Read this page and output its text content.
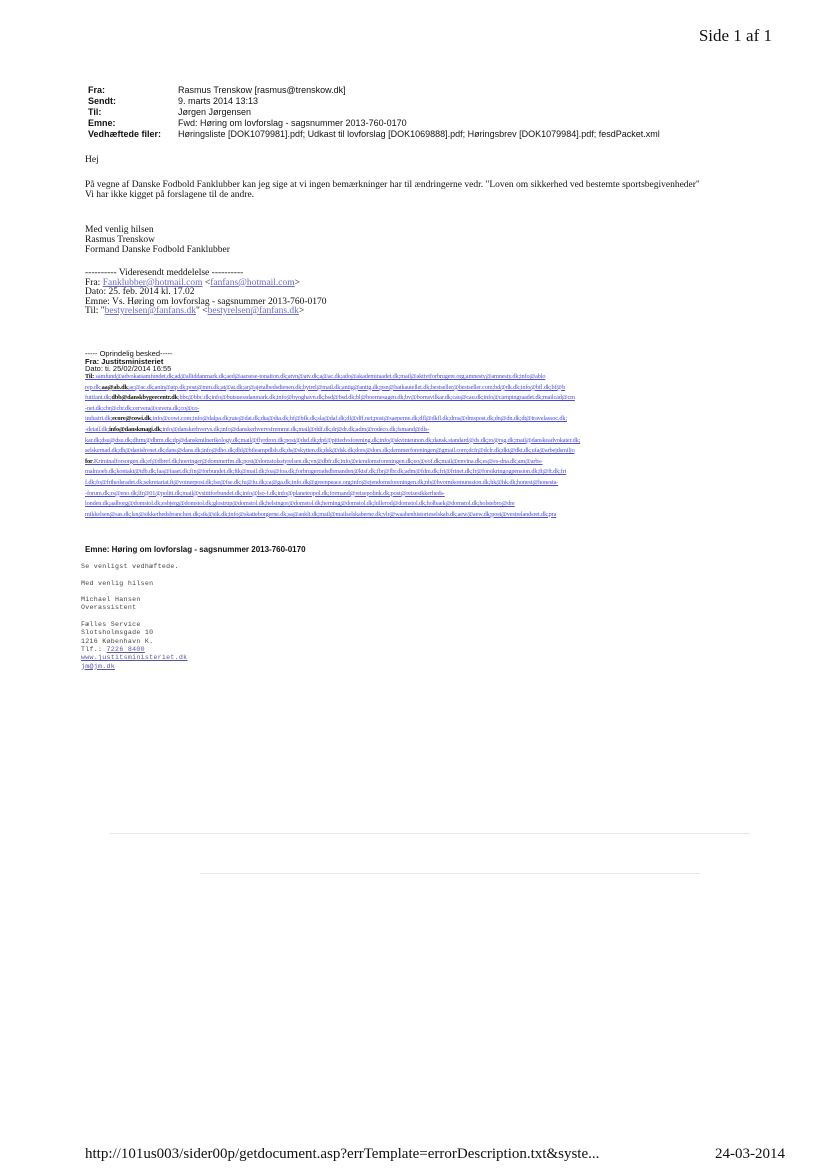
Side 1 af 1
Fra:	Rasmus Trenskow [rasmus@trenskow.dk]
Sendt:	9. marts 2014 13:13
Til:	Jørgen Jørgensen
Emne:	Fwd: Høring om lovforslag - sagsnummer 2013-760-0170
Vedhæftede filer:	Høringsliste [DOK1079981].pdf; Udkast til lovforslag [DOK1069888].pdf; Høringsbrev [DOK1079984].pdf; fesdPacket.xml
Hej
På vegne af Danske Fodbold Fanklubber kan jeg sige at vi ingen bemærkninger har til ændringerne vedr. "Loven om sikkerhed ved bestemte sportsbegivenheder"
Vi har ikke kigget på forslagene til de andre.
Med venlig hilsen
Rasmus Trenskow
Formand Danske Fodbold Fanklubber
---------- Videresendt meddelelse ----------
Fra: Fanklubber@hotmail.com <fanfans@hotmail.com>
Dato: 25. feb. 2014 kl. 17.02
Emne: Vs. Høring om lovforslag - sagsnummer 2013-760-0170
Til: "bestyrelsen@fanfans.dk" <bestyrelsen@fanfans.dk>
----- Oprindelig besked-----
Fra: Justitsministeriet
Dato: ti. 25/02/2014 16:55
Til: samfund@advokatsamfundet.dk;ad@alliddanmark.dk;aed@aarsese-tonation.dk;atvn@atv.dk;a@ac.dk;ado@akademiraadet.dk;mail@aktivtforbrugere.org;amnesty@amnesty.dk;info@ablo
rep.dk;aa@ab.dk;ac@ac.dk;anin@atp.dk;post@mm.dk;at@at.dk;ar@ajetalbedsdienen.dk;bytrel@mail.dk;antig@antig.dk;psn@batkautellet.dk;bestseller@bestseller.com;bd@dk.dk;info@bfl.dk;bf@b
futifant.dk;dbb@danskbygeecentr.dk;bbc@bbc.dk;info@butsuessdanmark.dk;info@byoghavn.dk;bsd@bsd.dk;bl@boernesagen.dk;bv@bornsvilkar.dk;cau@cau.dk;info@campingraadet.dk;mailcad@cm
-net.dk;cbr@cbr.dk;cervera@cevera.dk;co@co-
industri.dk;ecore@cowi.dk;info@cowi.com;info@dalpa.dk;rate@dat.dk;dta@dta.dk;bf@bfk.dk;sla@daf.dk;df@dff.net;post@saeperne.dk;dfl@dkfl.dk;dms@dmspost.dk;dn@dn.dk;dt@travelassoc.dk;
-detail.dk;info@danskmagi.dk;info@danskerhvervs.dk;info@danskerhvervsfremme.dk;mail@ddf.dk;dr@dr.dk;adm@rodeco.dk;fsmand@dls-
kar.dk;dsu@dsu.dk;dhrm@dhrm.dk;dp@danskmilnerikology.dk;mail@flyrdron.dk;post@dsd.dk;dpf@pittedvsforening.dk;info@skvinteunon.dk;dansk.standard@ds.dk;ro@rsg.dk;mail@danskeadvokater.dk;
selskernad.dk;dh@danishvnet.dk;dans@dans.dk;info@dho.dk;dhl@bileampdlsh.dk;ds@skytten.dk;dsk@dsk.dk;dors@dors.dk;demmerforeningen@gmail.com;dcfr@dcfr.dk;dkt@dkt.dk;ufa@arbejdsmiljo
for.Kriminalforsorgen.dk;ef@dbref.dk;hoeringer@dommerfm.dk;post@domstolsstyrelsen.dk;vn@dbfr.dk;info@eiendomsforeningen.dk;eo@eof.dk;mail@envina.dk;es@es-dna.dk;am@arbs-
malmoeb.dk;kontakt@tdb.dk;faa@faaet.dk;fin@forbundet.dk;ftk@mail.dk;foa@foa.dk;forbrugerradsdbmanden@ktsf.dk;fbr@fbr.dk;adm@fdm.dk;fri@frinet.dk;fr@forsikringogpension.dk;ft@ft.dk;fri
f.dk;fo@frihedsradet.dk;sekretariat.ft@voinerpost.dk;fse@fse.dk;fu@fu.dk;ca@ga.dk;info.dk@greenpeace.org;info@ejendomsforeningen.dk;nb@hvormkomunssion.dk;hk@hk.dk;honest@honesta-
-forum.dk;rs@eno.dk;lfr@01@politi.dk;mail@vsititforbundet.dk;info@lso-f.dk;info@planeteopol.dk;formand@reisepolink.dk;post@reisesikkerheds-
londen.dk;aalborg@domstol.dk;esbjerg@domstol.dk;glostrup@domstol.dk;helsingor@domstol.dk;herning@domstol.dk;hillerod@domstol.dk;holbaek@domstol.dk;holstebro@dre
mikkelsen@sas.dk;lsn@sikkerhedsbranchen.dk;sik@sik.dk;info@skatteborgerne.dk;sa@anklt.dk;mail@mailselskaberne.dk;vlr@waabenhistorieselskab.dk;aew@aew.dk;post@vestrelandsret.dk;pra
Emne: Høring om lovforslag - sagsnummer 2013-760-0170
Se venligst vedhæftede.

Med venlig hilsen

Michael Hansen
Overassistent

Fælles Service
Slotsholmsgade 10
1216 København K.
Tlf.: 7226 8400
www.justitsministeriet.dk
jm@jm.dk
http://101us003/sider00p/getdocument.asp?errTemplate=errorDescription.txt&syste...	24-03-2014
